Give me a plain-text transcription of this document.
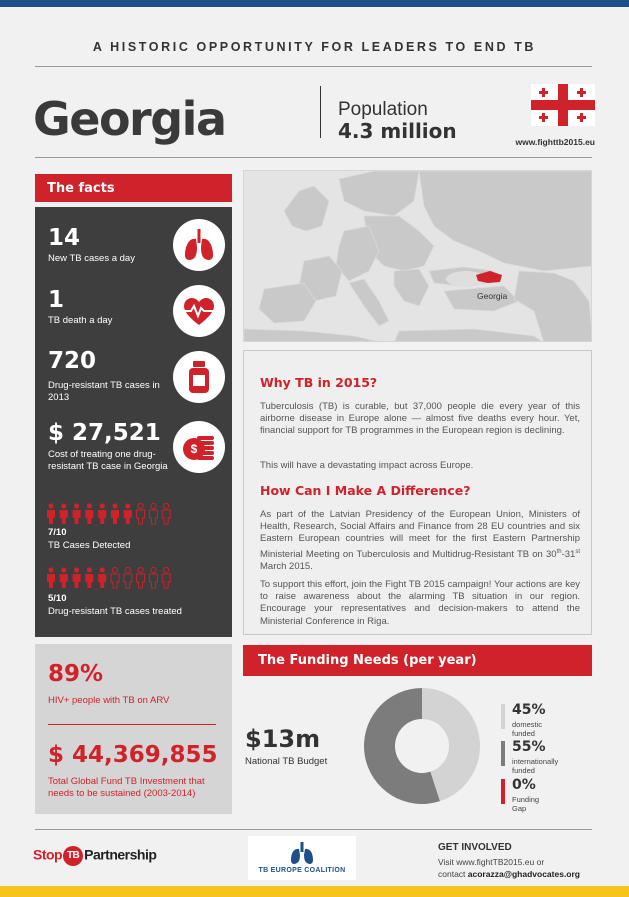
A HISTORIC OPPORTUNITY FOR LEADERS TO END TB
Georgia	Population
4.3 million	www.fighttb2015.eu
The facts
14
New TB cases a day
1
TB death a day
720
Drug-resistant TB cases in 2013
$ 27,521
Cost of treating one drug-resistant TB case in Georgia
$
7/10
TB Cases Detected
5/10
Drug-resistant TB cases treated
89%
HIV+ people with TB on ARV
$ 44,369,855
Total Global Fund TB Investment that needs to be sustained (2003-2014)
Georgia
Why TB in 2015?
Tuberculosis (TB) is curable, but 37,000 people die every year of this airborne disease in Europe alone — almost five deaths every hour. Yet, financial support for TB programmes in the European region is declining.
This will have a devastating impact across Europe.
How Can I Make A Difference?
As part of the Latvian Presidency of the European Union, Ministers of Health, Research, Social Affairs and Finance from 28 EU countries and six Eastern European countries will meet for the first Eastern Partnership Ministerial Meeting on Tuberculosis and Multidrug-Resistant TB on 30th-31st March 2015.
To support this effort, join the Fight TB 2015 campaign! Your actions are key to raise awareness about the alarming TB situation in our region. Encourage your representatives and decision-makers to attend the Ministerial Conference in Riga.
The Funding Needs (per year)
$13m
National TB Budget
45%
domestic funded
55%
internationally funded
0%
Funding Gap
Stop TB Partnership
TB EUROPE COALITION
GET INVOLVED
Visit www.fightTB2015.eu or
contact acorazza@ghadvocates.org
